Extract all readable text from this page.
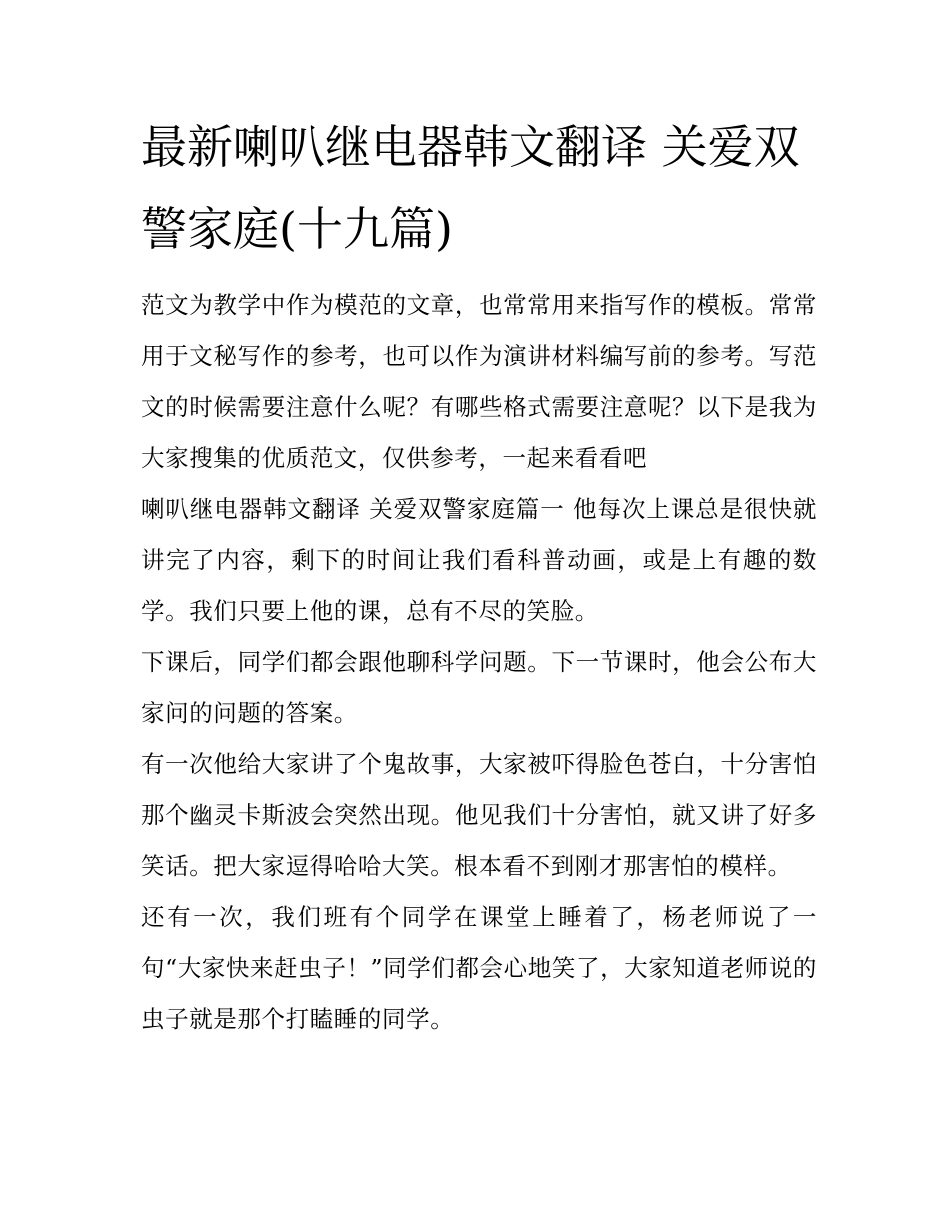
最新喇叭继电器韩文翻译 关爱双警家庭(十九篇)

范文为教学中作为模范的文章，也常常用来指写作的模板。常常用于文秘写作的参考，也可以作为演讲材料编写前的参考。写范文的时候需要注意什么呢？有哪些格式需要注意呢？以下是我为大家搜集的优质范文，仅供参考，一起来看看吧

喇叭继电器韩文翻译 关爱双警家庭篇一 他每次上课总是很快就讲完了内容，剩下的时间让我们看科普动画，或是上有趣的数学。我们只要上他的课，总有不尽的笑脸。

下课后，同学们都会跟他聊科学问题。下一节课时，他会公布大家问的问题的答案。

有一次他给大家讲了个鬼故事，大家被吓得脸色苍白，十分害怕那个幽灵卡斯波会突然出现。他见我们十分害怕，就又讲了好多笑话。把大家逗得哈哈大笑。根本看不到刚才那害怕的模样。

还有一次，我们班有个同学在课堂上睡着了，杨老师说了一句“大家快来赶虫子！”同学们都会心地笑了，大家知道老师说的虫子就是那个打瞌睡的同学。
